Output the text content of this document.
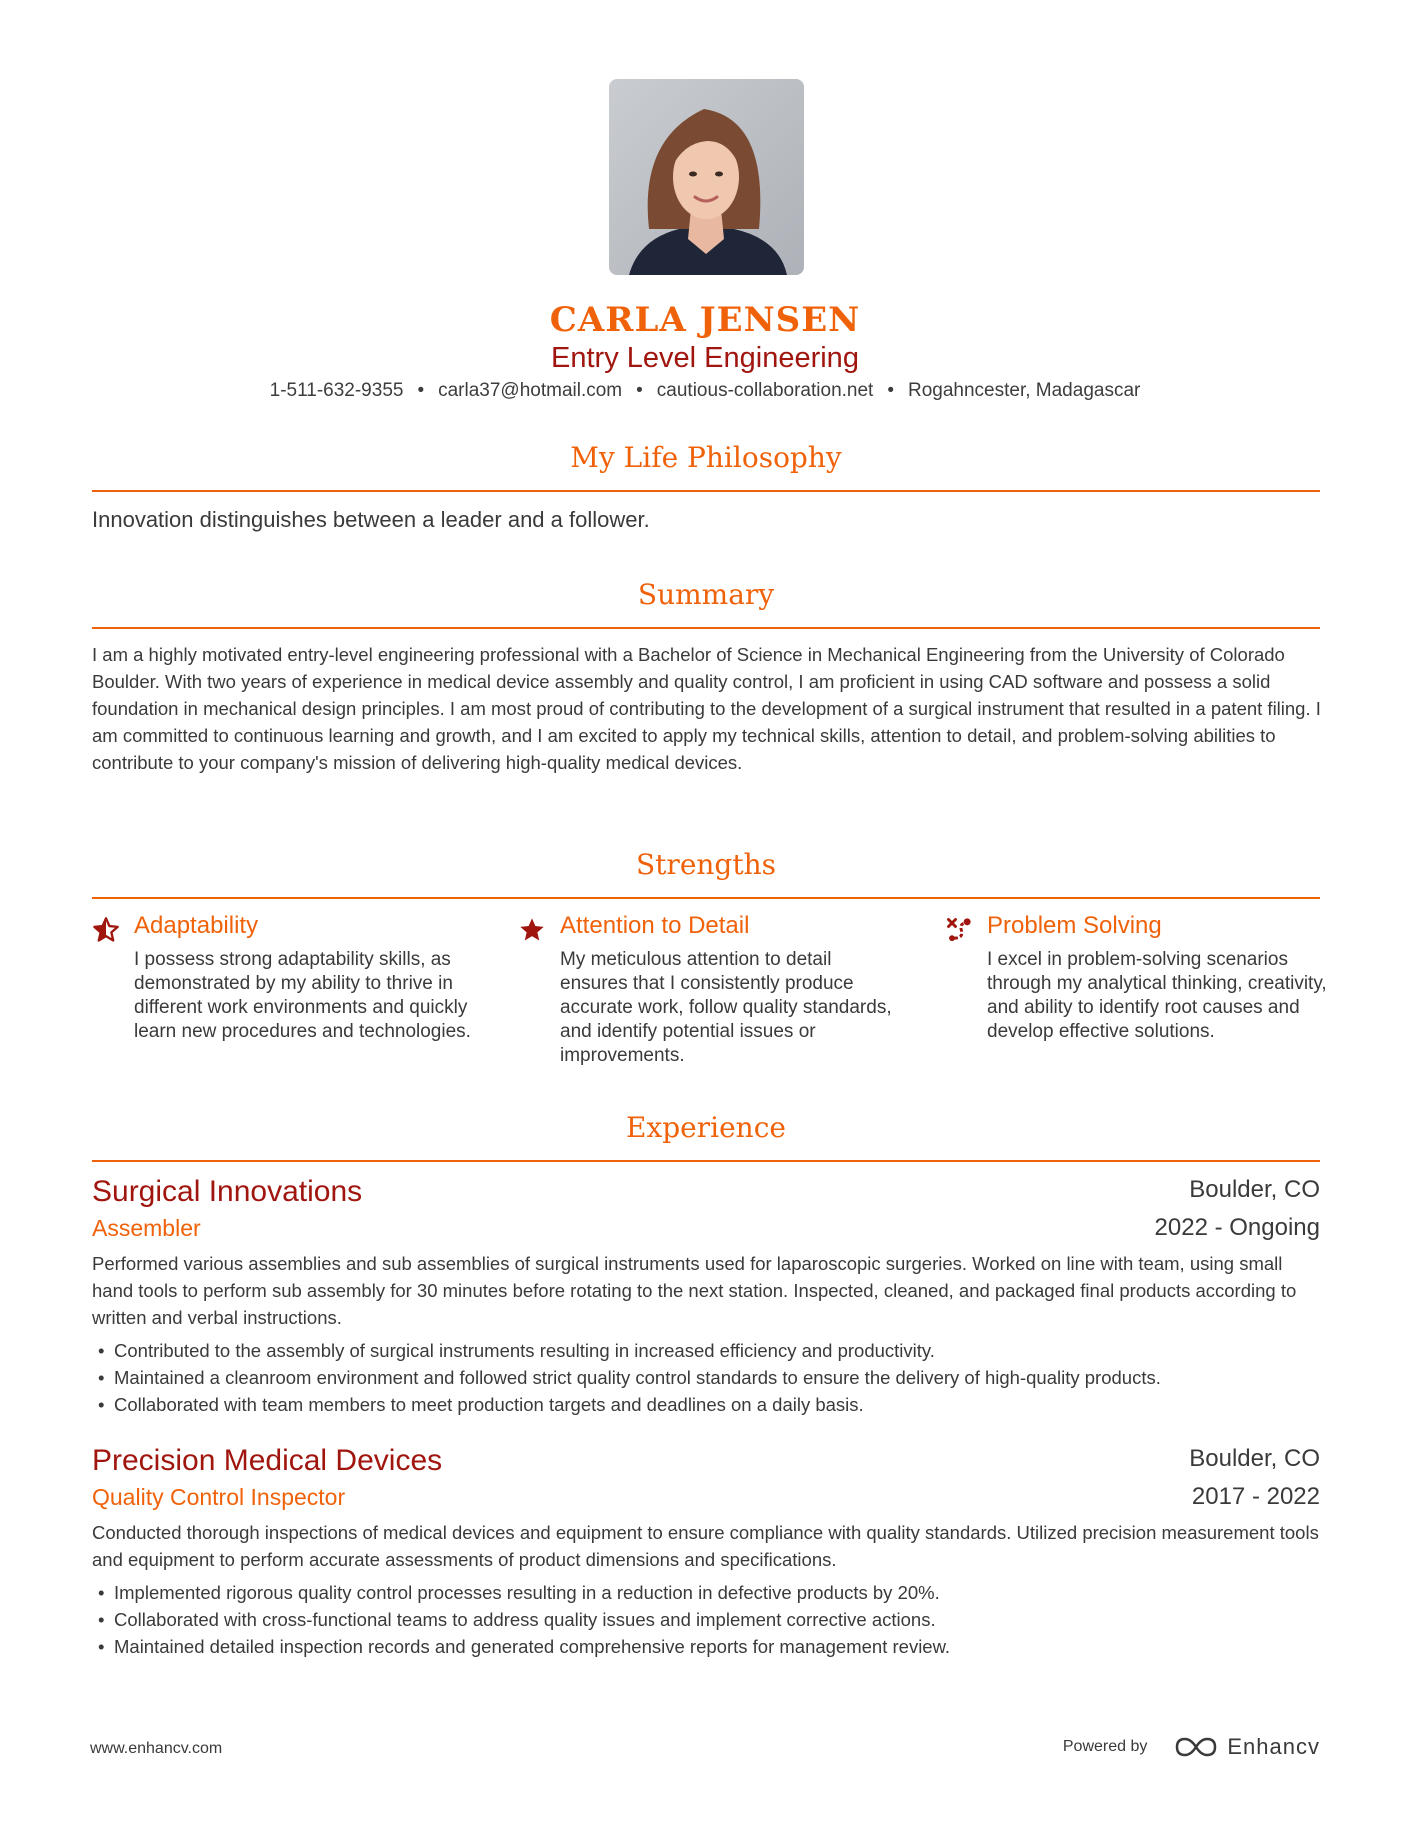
CARLA JENSEN
Entry Level Engineering
1-511-632-9355 • carla37@hotmail.com • cautious-collaboration.net • Rogahncester, Madagascar
My Life Philosophy
Innovation distinguishes between a leader and a follower.
Summary
I am a highly motivated entry-level engineering professional with a Bachelor of Science in Mechanical Engineering from the University of Colorado Boulder. With two years of experience in medical device assembly and quality control, I am proficient in using CAD software and possess a solid foundation in mechanical design principles. I am most proud of contributing to the development of a surgical instrument that resulted in a patent filing. I am committed to continuous learning and growth, and I am excited to apply my technical skills, attention to detail, and problem-solving abilities to contribute to your company's mission of delivering high-quality medical devices.
Strengths
Adaptability
I possess strong adaptability skills, as demonstrated by my ability to thrive in different work environments and quickly learn new procedures and technologies.
Attention to Detail
My meticulous attention to detail ensures that I consistently produce accurate work, follow quality standards, and identify potential issues or improvements.
Problem Solving
I excel in problem-solving scenarios through my analytical thinking, creativity, and ability to identify root causes and develop effective solutions.
Experience
Surgical Innovations	Boulder, CO
Assembler	2022 - Ongoing
Performed various assemblies and sub assemblies of surgical instruments used for laparoscopic surgeries. Worked on line with team, using small hand tools to perform sub assembly for 30 minutes before rotating to the next station. Inspected, cleaned, and packaged final products according to written and verbal instructions.
• Contributed to the assembly of surgical instruments resulting in increased efficiency and productivity.
• Maintained a cleanroom environment and followed strict quality control standards to ensure the delivery of high-quality products.
• Collaborated with team members to meet production targets and deadlines on a daily basis.
Precision Medical Devices	Boulder, CO
Quality Control Inspector	2017 - 2022
Conducted thorough inspections of medical devices and equipment to ensure compliance with quality standards. Utilized precision measurement tools and equipment to perform accurate assessments of product dimensions and specifications.
• Implemented rigorous quality control processes resulting in a reduction in defective products by 20%.
• Collaborated with cross-functional teams to address quality issues and implement corrective actions.
• Maintained detailed inspection records and generated comprehensive reports for management review.
www.enhancv.com	Powered by	Enhancv
